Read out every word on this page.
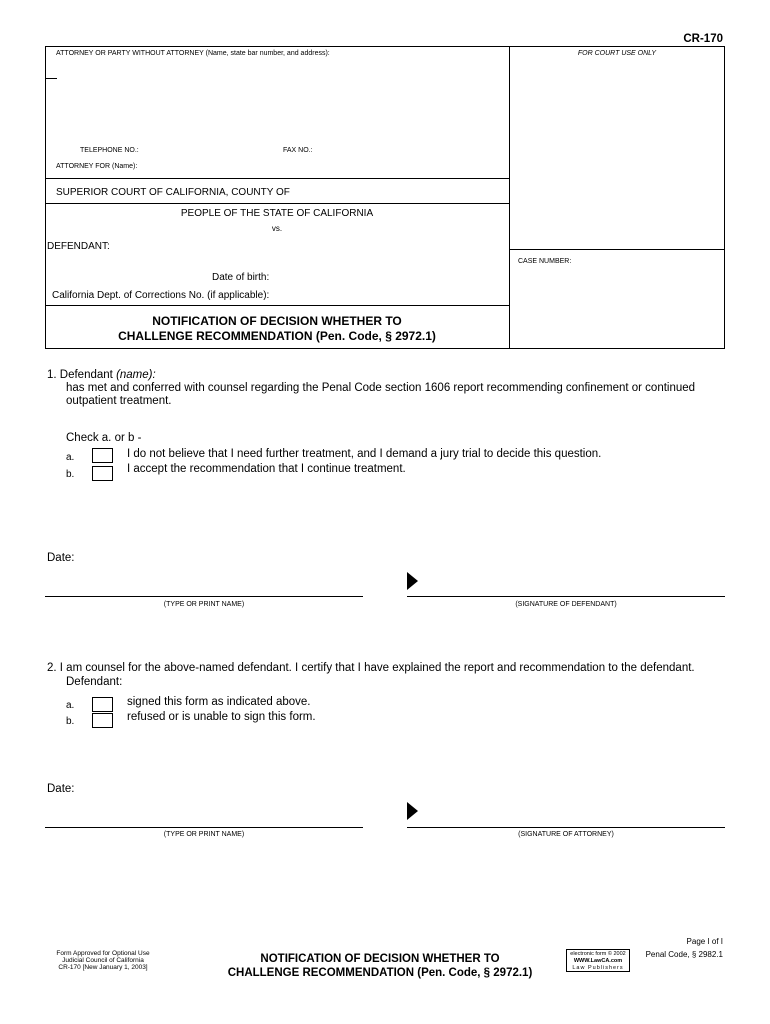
CR-170
ATTORNEY OR PARTY WITHOUT ATTORNEY (Name, state bar number, and address):	FOR COURT USE ONLY
TELEPHONE NO.:	FAX NO.:
ATTORNEY FOR (Name):
SUPERIOR COURT OF CALIFORNIA, COUNTY OF
PEOPLE OF THE STATE OF CALIFORNIA
vs.
DEFENDANT:
Date of birth:
California Dept. of Corrections No. (if applicable):
CASE NUMBER:
NOTIFICATION OF DECISION WHETHER TO
CHALLENGE RECOMMENDATION (Pen. Code, § 2972.1)
1. Defendant (name):
has met and conferred with counsel regarding the Penal Code section 1606 report recommending confinement or continued
outpatient treatment.
Check a. or b -
a.	I do not believe that I need further treatment, and I demand a jury trial to decide this question.
b.	I accept the recommendation that I continue treatment.
Date:
(TYPE OR PRINT NAME)	(SIGNATURE OF DEFENDANT)
2. I am counsel for the above-named defendant. I certify that I have explained the report and recommendation to the defendant.
Defendant:
a.	signed this form as indicated above.
b.	refused or is unable to sign this form.
Date:
(TYPE OR PRINT NAME)	(SIGNATURE OF ATTORNEY)
Page I of I
Form Approved for Optional Use
Judicial Council of California
CR-170 [New January 1, 2003]
NOTIFICATION OF DECISION WHETHER TO
CHALLENGE RECOMMENDATION (Pen. Code, § 2972.1)
electronic form © 2002
WWW.LawCA.com
Law Publishers
Penal Code, § 2982.1
